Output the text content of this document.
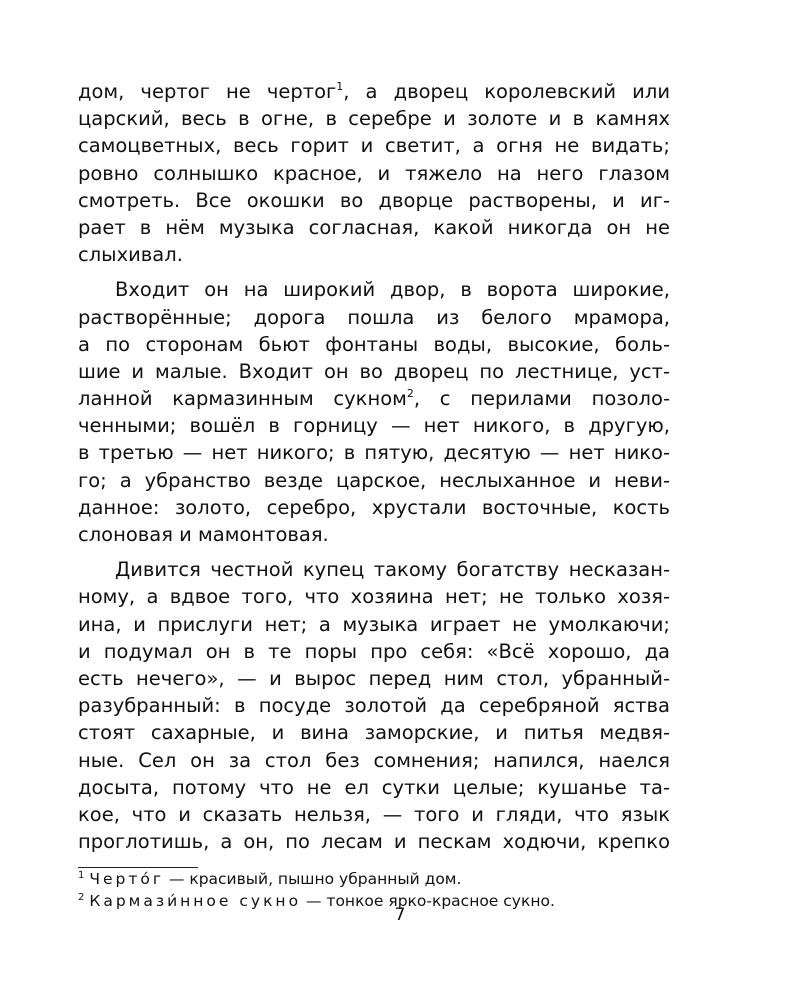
дом, чертог не чертог$^1$, а дворец королевский или
царский, весь в огне, в серебре и золоте и в камнях
самоцветных, весь горит и светит, а огня не видать;
ровно солнышко красное, и тяжело на него глазом
смотреть. Все окошки во дворце растворены, и иг-
рает в нём музыка согласная, какой никогда он не
слыхивал.
Входит он на широкий двор, в ворота широкие,
растворённые; дорога пошла из белого мрамора,
а по сторонам бьют фонтаны воды, высокие, боль-
шие и малые. Входит он во дворец по лестнице, уст-
ланной кармазинным сукном$^2$, с перилами позоло-
ченными; вошёл в горницу — нет никого, в другую,
в третью — нет никого; в пятую, десятую — нет нико-
го; а убранство везде царское, неслыханное и неви-
данное: золото, серебро, хрустали восточные, кость
слоновая и мамонтовая.
Дивится честной купец такому богатству несказан-
ному, а вдвое того, что хозяина нет; не только хозя-
ина, и прислуги нет; а музыка играет не умолкаючи;
и подумал он в те поры про себя: «Всё хорошо, да
есть нечего», — и вырос перед ним стол, убранный-
разубранный: в посуде золотой да серебряной яства
стоят сахарные, и вина заморские, и питья медвя-
ные. Сел он за стол без сомнения; напился, наелся
досыта, потому что не ел сутки целые; кушанье та-
кое, что и сказать нельзя, — того и гляди, что язык
проглотишь, а он, по лесам и пескам ходючи, крепко
$^1$ Черто́г — красивый, пышно убранный дом.
$^2$ Кармази́нное сукно — тонкое ярко-красное сукно.
7
